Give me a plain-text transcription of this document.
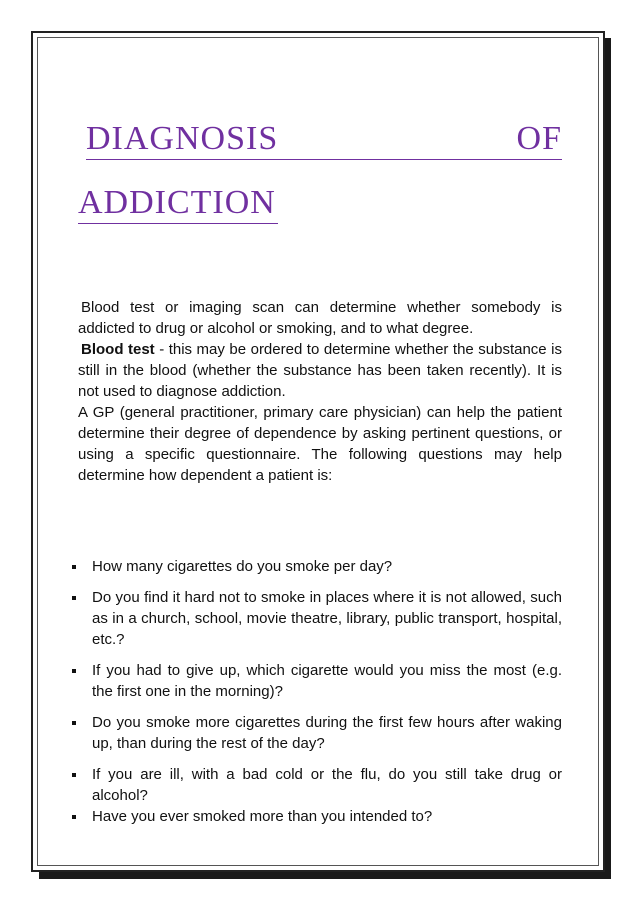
DIAGNOSIS	OF
ADDICTION

Blood test or imaging scan can determine whether somebody is addicted to drug or alcohol or smoking, and to what degree.

Blood test - this may be ordered to determine whether the substance is still in the blood (whether the substance has been taken recently). It is not used to diagnose addiction.

A GP (general practitioner, primary care physician) can help the patient determine their degree of dependence by asking pertinent questions, or using a specific questionnaire. The following questions may help determine how dependent a patient is:

How many cigarettes do you smoke per day?
Do you find it hard not to smoke in places where it is not allowed, such as in a church, school, movie theatre, library, public transport, hospital, etc.?
If you had to give up, which cigarette would you miss the most (e.g. the first one in the morning)?
Do you smoke more cigarettes during the first few hours after waking up, than during the rest of the day?
If you are ill, with a bad cold or the flu, do you still take drug or alcohol?
Have you ever smoked more than you intended to?
